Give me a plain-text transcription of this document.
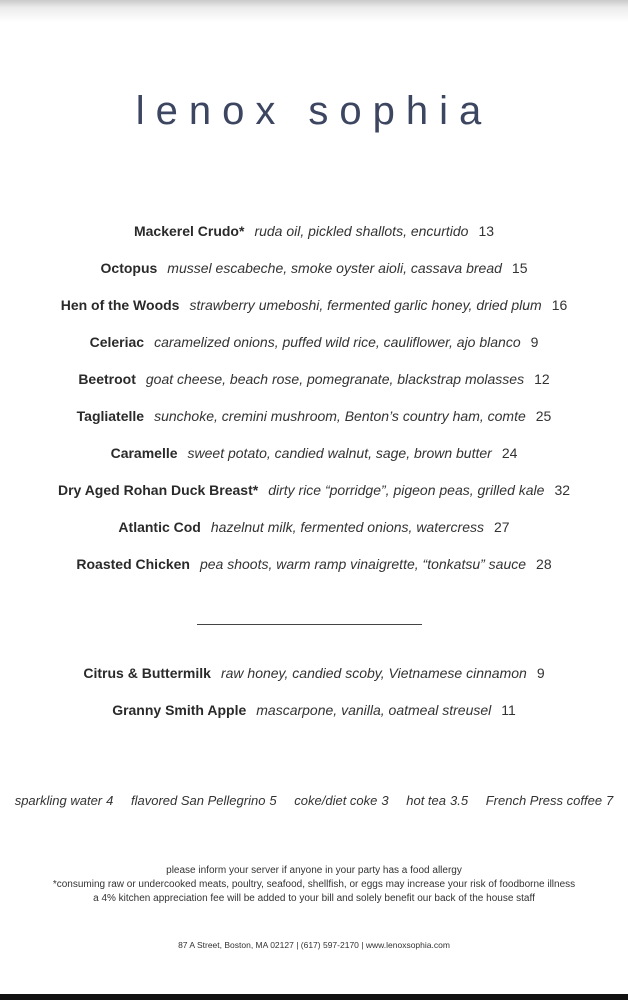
lenox sophia
Mackerel Crudo* ruda oil, pickled shallots, encurtido 13
Octopus mussel escabeche, smoke oyster aioli, cassava bread 15
Hen of the Woods strawberry umeboshi, fermented garlic honey, dried plum 16
Celeriac caramelized onions, puffed wild rice, cauliflower, ajo blanco 9
Beetroot goat cheese, beach rose, pomegranate, blackstrap molasses 12
Tagliatelle sunchoke, cremini mushroom, Benton’s country ham, comte 25
Caramelle sweet potato, candied walnut, sage, brown butter 24
Dry Aged Rohan Duck Breast* dirty rice “porridge”, pigeon peas, grilled kale 32
Atlantic Cod hazelnut milk, fermented onions, watercress 27
Roasted Chicken pea shoots, warm ramp vinaigrette, “tonkatsu” sauce 28
Citrus & Buttermilk raw honey, candied scoby, Vietnamese cinnamon 9
Granny Smith Apple mascarpone, vanilla, oatmeal streusel 11
sparkling water 4 flavored San Pellegrino 5 coke/diet coke 3 hot tea 3.5 French Press coffee 7
please inform your server if anyone in your party has a food allergy
*consuming raw or undercooked meats, poultry, seafood, shellfish, or eggs may increase your risk of foodborne illness
a 4% kitchen appreciation fee will be added to your bill and solely benefit our back of the house staff
87 A Street, Boston, MA 02127 | (617) 597-2170 | www.lenoxsophia.com
